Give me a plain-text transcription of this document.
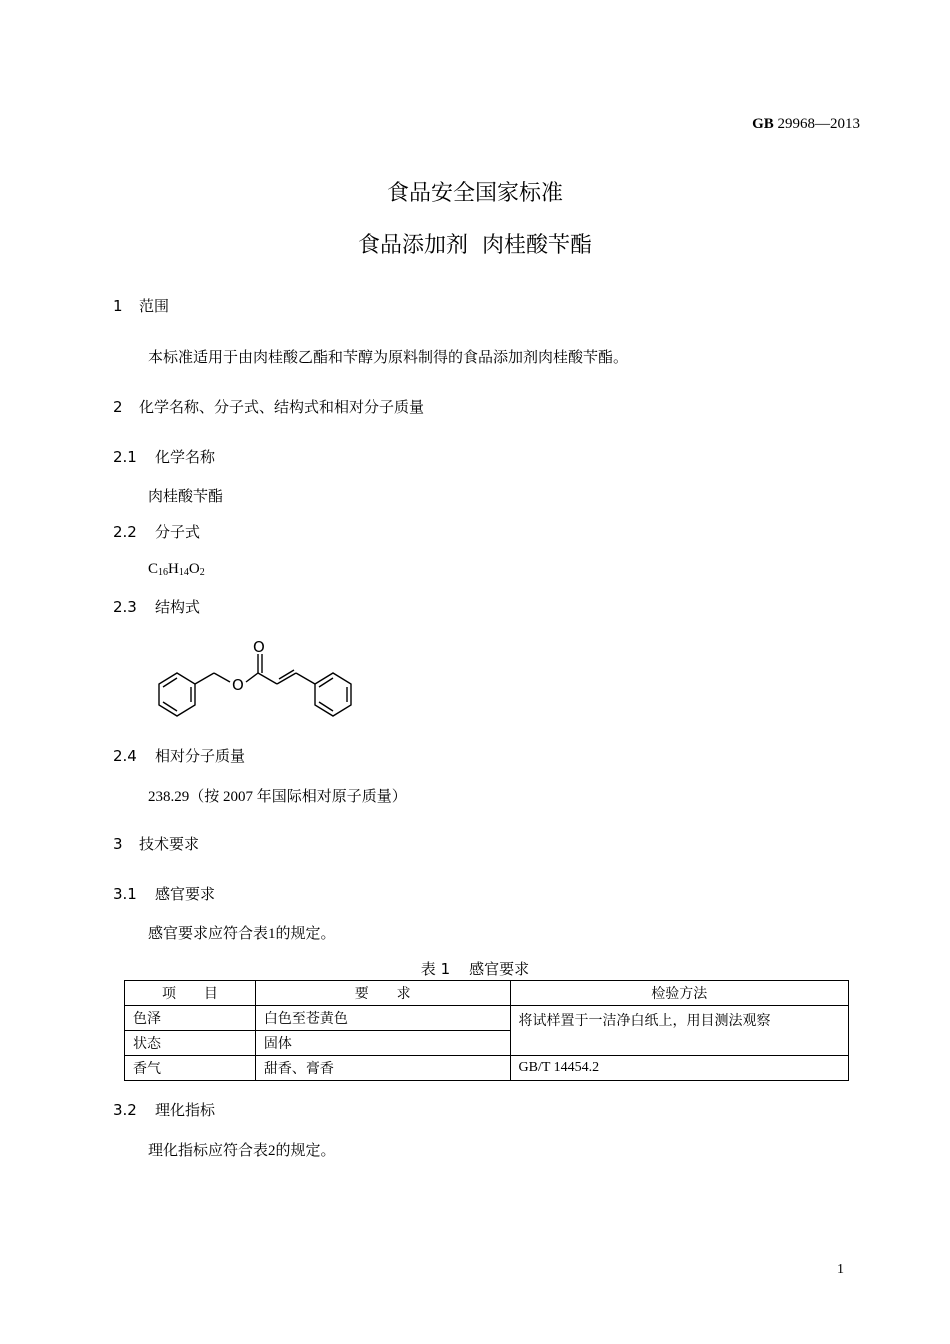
GB 29968—2013
食品安全国家标准
食品添加剂  肉桂酸苄酯
1 范围
本标准适用于由肉桂酸乙酯和苄醇为原料制得的食品添加剂肉桂酸苄酯。
2 化学名称、分子式、结构式和相对分子质量
2.1 化学名称
肉桂酸苄酯
2.2 分子式
$C_{16}H_{14}O_2$
2.3 结构式
O
O
2.4 相对分子质量
238.29（按 2007 年国际相对原子质量）
3 技术要求
3.1 感官要求
感官要求应符合表1的规定。
表 1    感官要求
项        目	要        求	检验方法
色泽	白色至苍黄色	将试样置于一洁净白纸上，用目测法观察
状态	固体	
香气	甜香、膏香	GB/T 14454.2
3.2 理化指标
理化指标应符合表2的规定。
1
